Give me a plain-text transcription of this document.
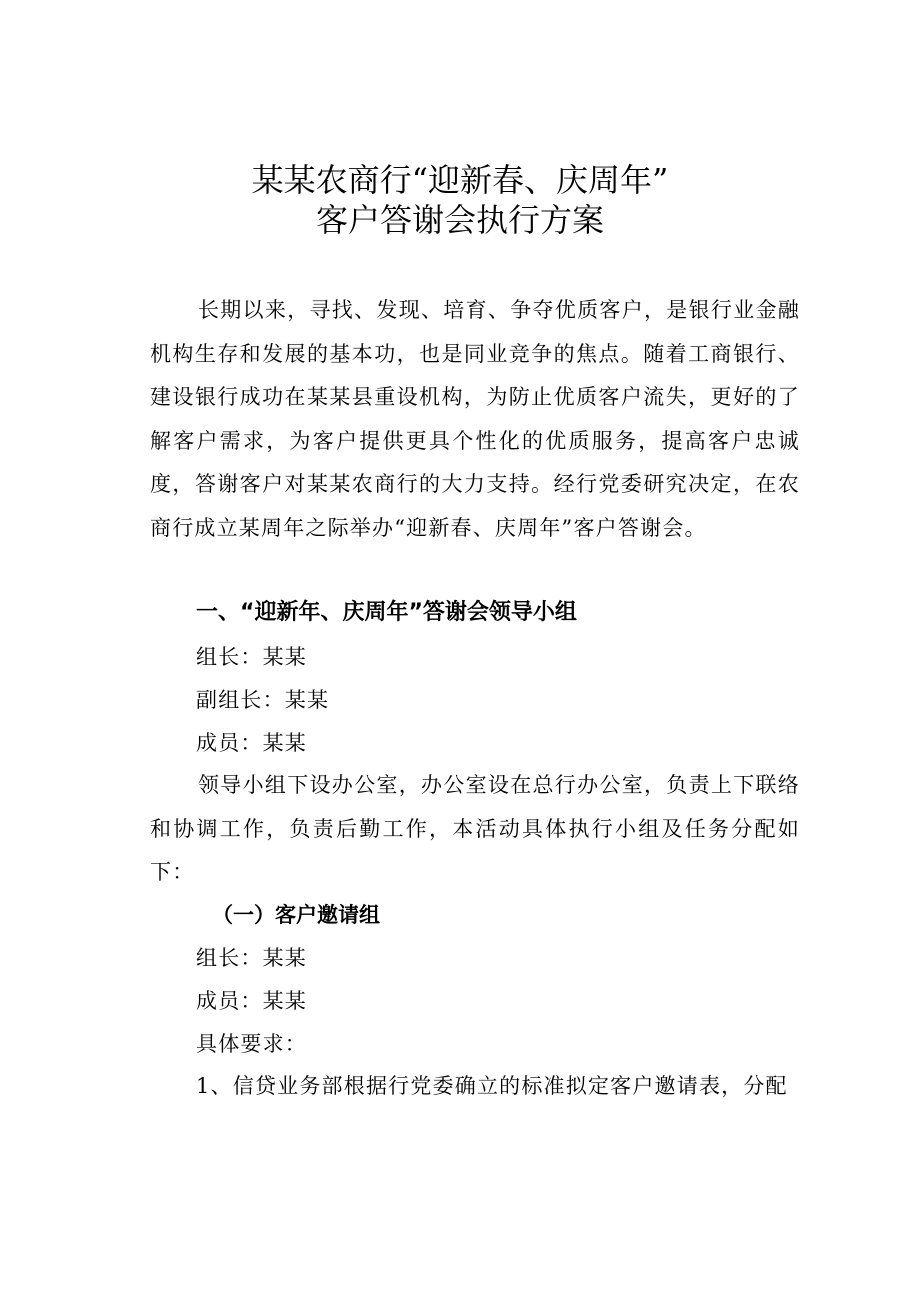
某某农商行“迎新春、庆周年”
客户答谢会执行方案

长期以来，寻找、发现、培育、争夺优质客户，是银行业金融机构生存和发展的基本功，也是同业竞争的焦点。随着工商银行、建设银行成功在某某县重设机构，为防止优质客户流失，更好的了解客户需求，为客户提供更具个性化的优质服务，提高客户忠诚度，答谢客户对某某农商行的大力支持。经行党委研究决定，在农商行成立某周年之际举办“迎新春、庆周年”客户答谢会。

一、“迎新年、庆周年”答谢会领导小组
组长：某某
副组长：某某
成员：某某

领导小组下设办公室，办公室设在总行办公室，负责上下联络和协调工作，负责后勤工作，本活动具体执行小组及任务分配如下：

（一）客户邀请组
组长：某某
成员：某某
具体要求：
1、信贷业务部根据行党委确立的标准拟定客户邀请表，分配
